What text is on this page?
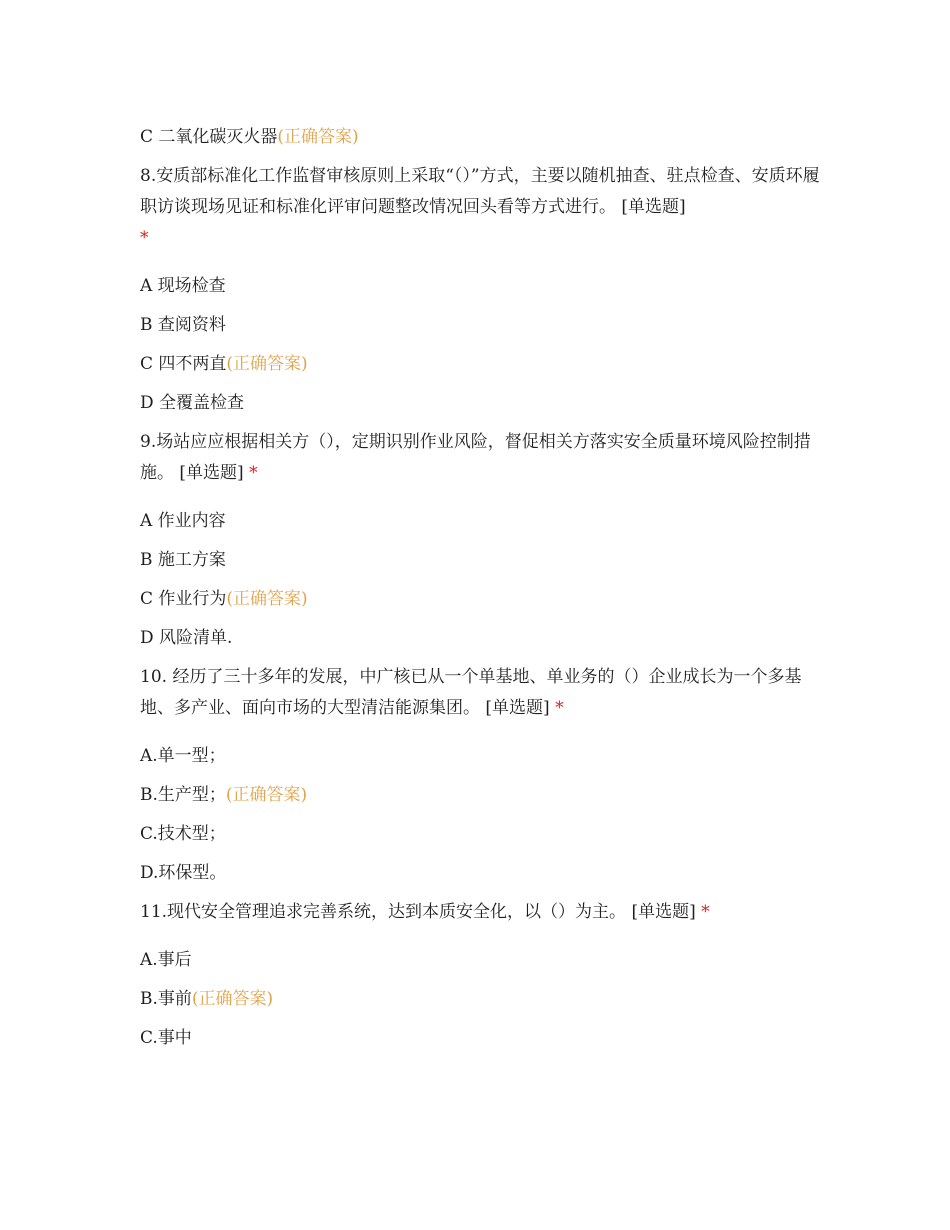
C 二氧化碳灭火器(正确答案)
8.安质部标准化工作监督审核原则上采取“（）”方式，主要以随机抽查、驻点检查、安质环履职访谈现场见证和标准化评审问题整改情况回头看等方式进行。 [单选题]
*
A 现场检查
B 查阅资料
C 四不两直(正确答案)
D 全覆盖检查
9.场站应应根据相关方（），定期识别作业风险，督促相关方落实安全质量环境风险控制措施。 [单选题] *
A 作业内容
B 施工方案
C 作业行为(正确答案)
D 风险清单.
10. 经历了三十多年的发展，中广核已从一个单基地、单业务的（）企业成长为一个多基地、多产业、面向市场的大型清洁能源集团。 [单选题] *
A.单一型；
B.生产型；(正确答案)
C.技术型；
D.环保型。
11.现代安全管理追求完善系统，达到本质安全化，以（）为主。 [单选题] *
A.事后
B.事前(正确答案)
C.事中
